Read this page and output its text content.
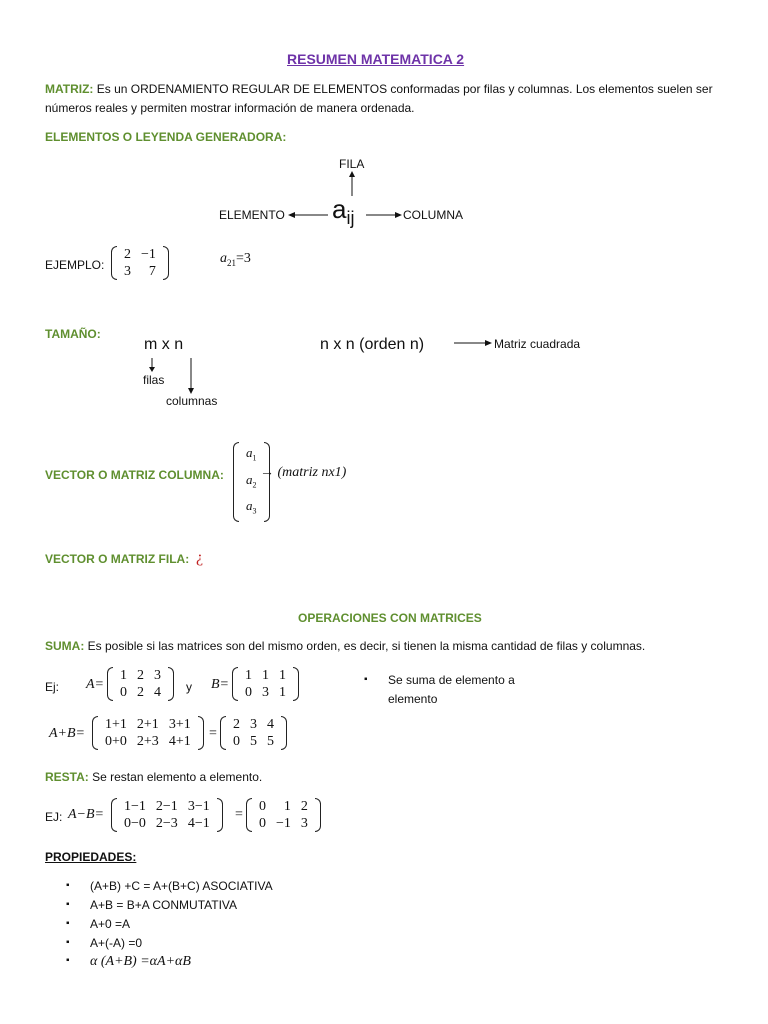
RESUMEN MATEMATICA 2
MATRIZ: Es un ORDENAMIENTO REGULAR DE ELEMENTOS conformadas por filas y columnas. Los elementos suelen ser
números reales y permiten mostrar información de manera ordenada.
ELEMENTOS O LEYENDA GENERADORA:
FILA
ELEMENTO $a_{ij}$	COLUMNA
EJEMPLO:
2	−1
3	7
$a_{21}=3$
TAMAÑO:
m x n
filas
columnas
n x n (orden n)	Matriz cuadrada
VECTOR O MATRIZ COLUMNA:
$a_1$
$a_2$
$a_3$
→ (matriz nx1)
VECTOR O MATRIZ FILA: ¿
OPERACIONES CON MATRICES
SUMA: Es posible si las matrices son del mismo orden, es decir, si tienen la misma cantidad de filas y columnas.
Ej: A=
1	2	3
0	2	4 y B=
1	1	1
0	3	1
▪ Se suma de elemento a
elemento
A+B=
1+1	2+1	3+1
0+0	2+3	4+1
=
2	3	4
0	5	5
RESTA: Se restan elemento a elemento.
EJ: A−B=
1−1	2−1	3−1
0−0	2−3	4−1
=
0	1	2
0	−1	3
PROPIEDADES:
▪ (A+B) +C = A+(B+C) ASOCIATIVA
▪ A+B = B+A CONMUTATIVA
▪ A+0 =A
▪ A+(-A) =0
▪ α (A+B) =αA+αB
